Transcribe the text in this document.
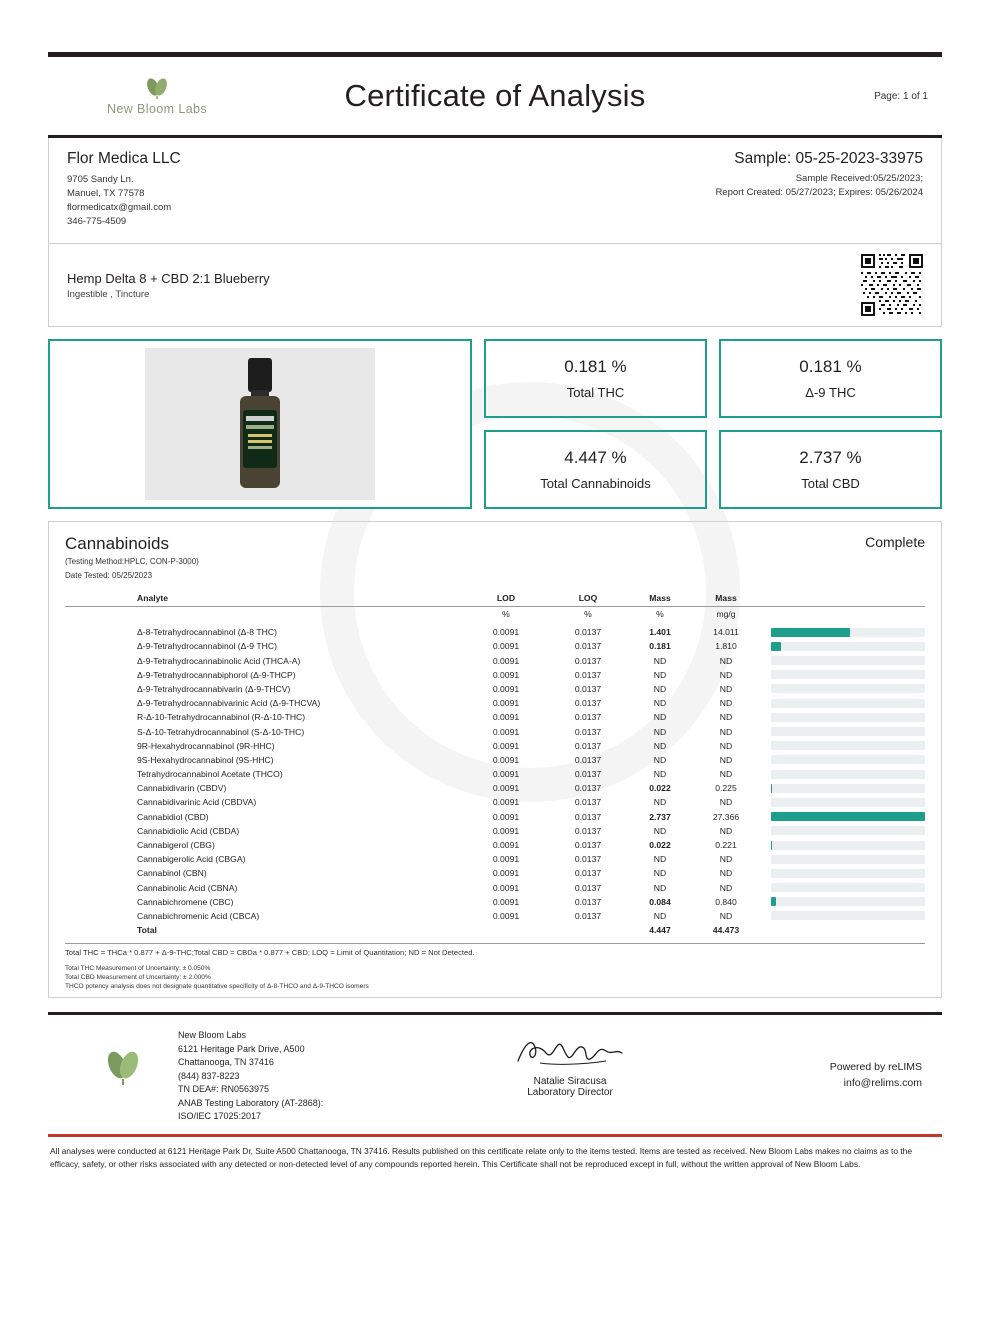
New Bloom Labs	Certificate of Analysis	Page: 1 of 1
Flor Medica LLC
9705 Sandy Ln.
Manuel, TX 77578
flormedicatx@gmail.com
346-775-4509
Sample: 05-25-2023-33975
Sample Received:05/25/2023;
Report Created: 05/27/2023; Expires: 05/26/2024
Hemp Delta 8 + CBD 2:1 Blueberry
Ingestible , Tincture
0.181 %
Total THC
0.181 %
Δ-9 THC
4.447 %
Total Cannabinoids
2.737 %
Total CBD
Cannabinoids
(Testing Method:HPLC, CON-P-3000)
Date Tested: 05/25/2023
Complete
Analyte	LOD	LOQ	Mass	Mass	
	%	%	%	mg/g	
Δ-8-Tetrahydrocannabinol (Δ-8 THC)	0.0091	0.0137	1.401	14.011	

Δ-9-Tetrahydrocannabinol (Δ-9 THC)	0.0091	0.0137	0.181	1.810	

Δ-9-Tetrahydrocannabinolic Acid (THCA-A)	0.0091	0.0137	ND	ND	

Δ-9-Tetrahydrocannabiphorol (Δ-9-THCP)	0.0091	0.0137	ND	ND	

Δ-9-Tetrahydrocannabivarin (Δ-9-THCV)	0.0091	0.0137	ND	ND	

Δ-9-Tetrahydrocannabivarinic Acid (Δ-9-THCVA)	0.0091	0.0137	ND	ND	

R-Δ-10-Tetrahydrocannabinol (R-Δ-10-THC)	0.0091	0.0137	ND	ND	

S-Δ-10-Tetrahydrocannabinol (S-Δ-10-THC)	0.0091	0.0137	ND	ND	

9R-Hexahydrocannabinol (9R-HHC)	0.0091	0.0137	ND	ND	

9S-Hexahydrocannabinol (9S-HHC)	0.0091	0.0137	ND	ND	

Tetrahydrocannabinol Acetate (THCO)	0.0091	0.0137	ND	ND	

Cannabidivarin (CBDV)	0.0091	0.0137	0.022	0.225	

Cannabidivarinic Acid (CBDVA)	0.0091	0.0137	ND	ND	

Cannabidiol (CBD)	0.0091	0.0137	2.737	27.366	

Cannabidiolic Acid (CBDA)	0.0091	0.0137	ND	ND	

Cannabigerol (CBG)	0.0091	0.0137	0.022	0.221	

Cannabigerolic Acid (CBGA)	0.0091	0.0137	ND	ND	

Cannabinol (CBN)	0.0091	0.0137	ND	ND	

Cannabinolic Acid (CBNA)	0.0091	0.0137	ND	ND	

Cannabichromene (CBC)	0.0091	0.0137	0.084	0.840	

Cannabichromenic Acid (CBCA)	0.0091	0.0137	ND	ND	

Total			4.447	44.473	
Total THC = THCa * 0.877 + Δ-9-THC;Total CBD = CBDa * 0.877 + CBD; LOQ = Limit of Quantitation; ND = Not Detected.
Total THC Measurement of Uncertainty: ± 0.050%
Total CBD Measurement of Uncertainty: ± 2.000%
THCO potency analysis does not designate quantitative specificity of Δ-8-THCO and Δ-9-THCO isomers
New Bloom Labs
6121 Heritage Park Drive, A500
Chattanooga, TN 37416
(844) 837-8223
TN DEA#: RN0563975
ANAB Testing Laboratory (AT-2868):
ISO/IEC 17025:2017
Natalie Siracusa
Laboratory Director
Powered by reLIMS
info@relims.com
All analyses were conducted at 6121 Heritage Park Dr, Suite A500 Chattanooga, TN 37416. Results published on this certificate relate only to the items tested. Items are tested as received. New Bloom Labs makes no claims as to the efficacy, safety, or other risks associated with any detected or non-detected level of any compounds reported herein. This Certificate shall not be reproduced except in full, without the written approval of New Bloom Labs.
